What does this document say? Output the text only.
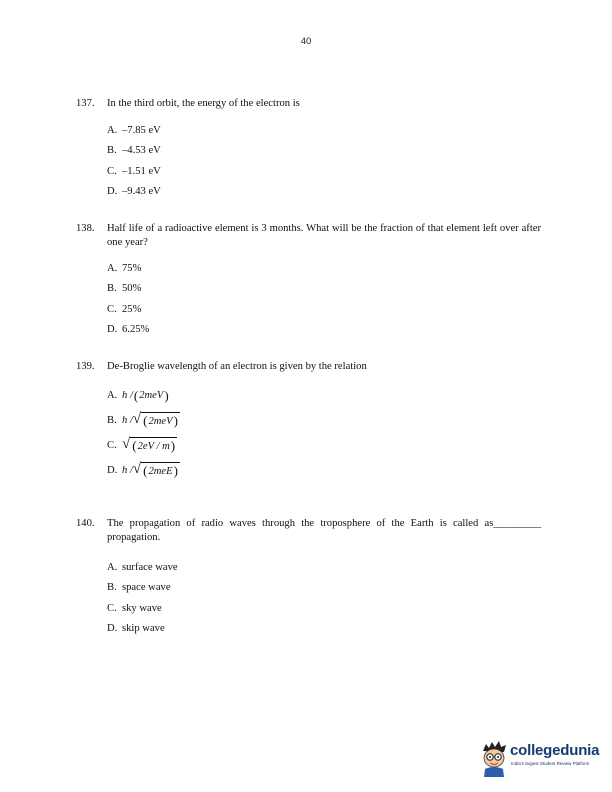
40
137.	In the third orbit, the energy of the electron is
A. –7.85 eV
B. –4.53 eV
C. –1.51 eV
D. –9.43 eV
138.	Half life of a radioactive element is 3 months. What will be the fraction of that element left over after one year?
A. 75%
B. 50%
C. 25%
D. 6.25%
139.	De-Broglie wavelength of an electron is given by the relation
A. h / ( 2meV )
B. h / √ ( 2meV )
C. √ ( 2eV / m )
D. h / √ ( 2meE )
140.	The propagation of radio waves through the troposphere of the Earth is called as_________ propagation.
A. surface wave
B. space wave
C. sky wave
D. skip wave
collegedunia
India's largest Student Review Platform
